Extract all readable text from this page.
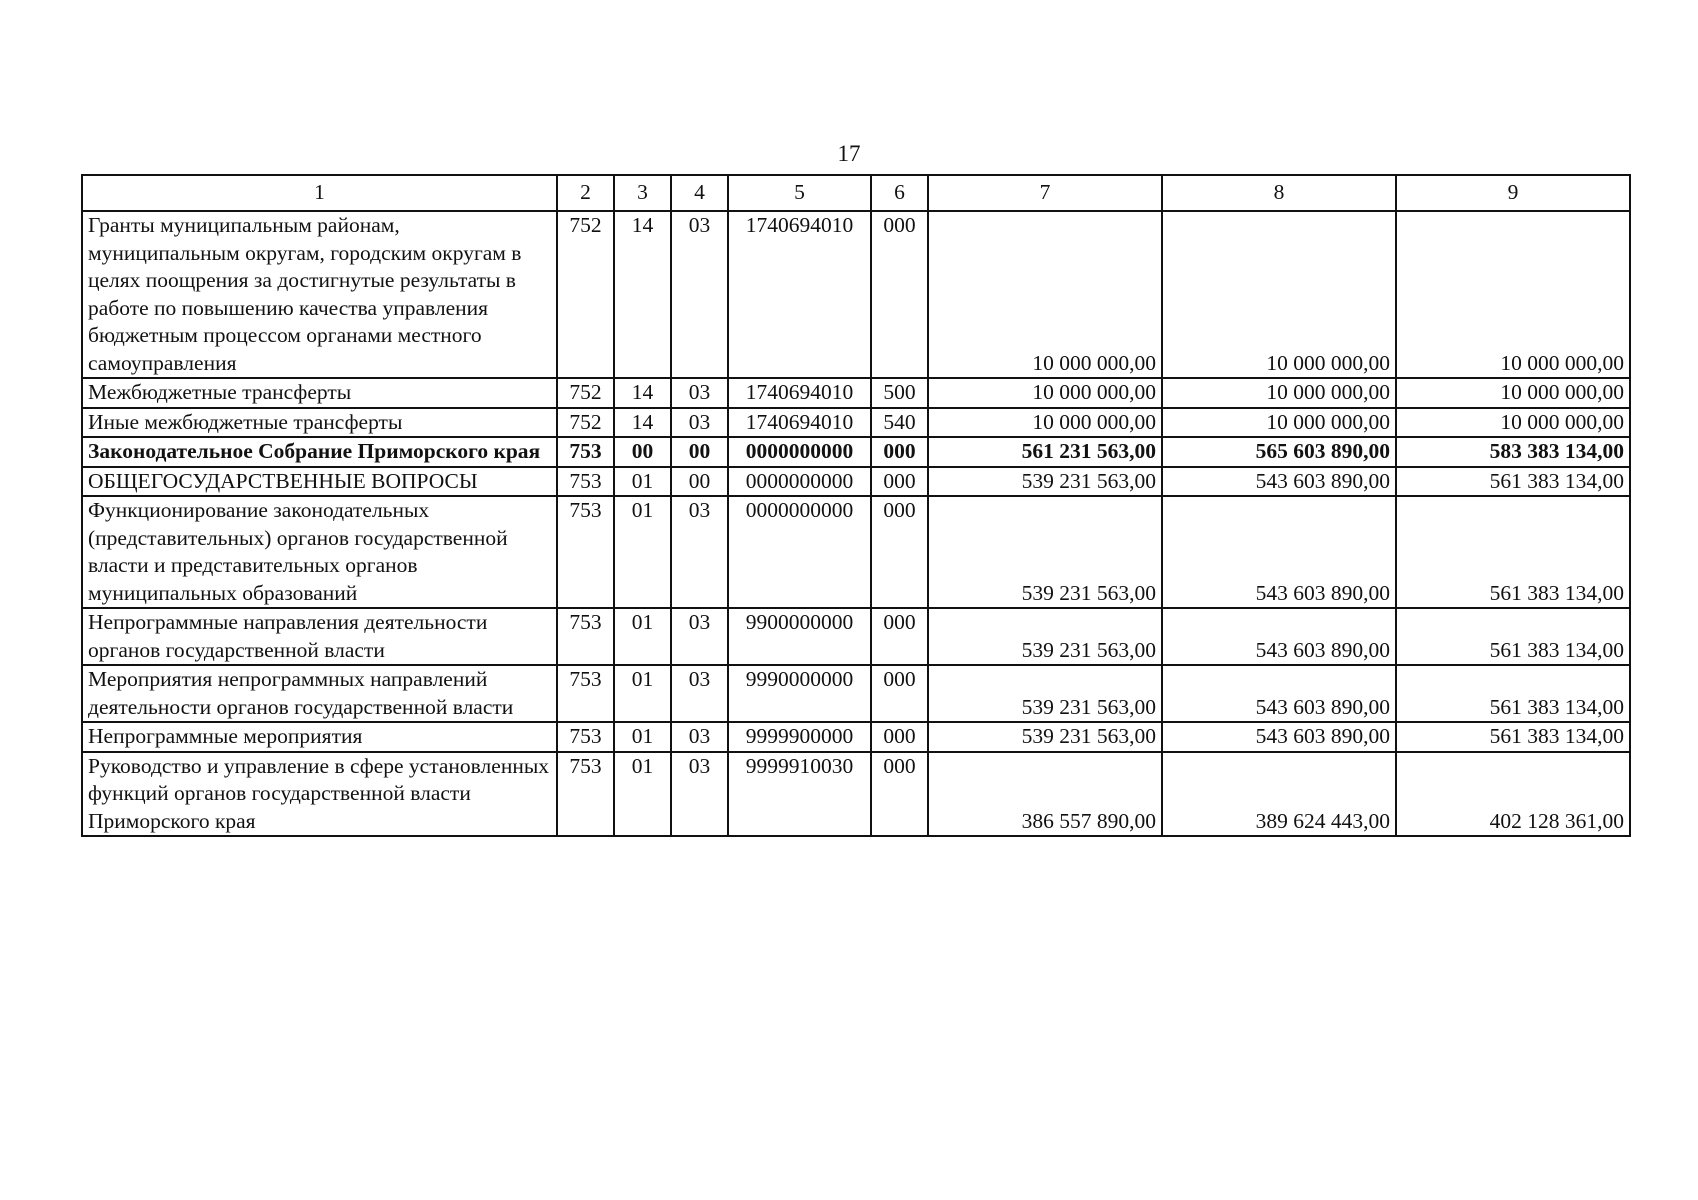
17
1	2	3	4	5	6	7	8	9
Гранты муниципальным районам, муниципальным округам, городским округам в целях поощрения за достигнутые результаты в работе по повышению качества управления бюджетным процессом органами местного самоуправления	752	14	03	1740694010	000	10 000 000,00	10 000 000,00	10 000 000,00
Межбюджетные трансферты	752	14	03	1740694010	500	10 000 000,00	10 000 000,00	10 000 000,00
Иные межбюджетные трансферты	752	14	03	1740694010	540	10 000 000,00	10 000 000,00	10 000 000,00
Законодательное Собрание Приморского края	753	00	00	0000000000	000	561 231 563,00	565 603 890,00	583 383 134,00
ОБЩЕГОСУДАРСТВЕННЫЕ ВОПРОСЫ	753	01	00	0000000000	000	539 231 563,00	543 603 890,00	561 383 134,00
Функционирование законодательных (представительных) органов государственной власти и представительных органов муниципальных образований	753	01	03	0000000000	000	539 231 563,00	543 603 890,00	561 383 134,00
Непрограммные направления деятельности органов государственной власти	753	01	03	9900000000	000	539 231 563,00	543 603 890,00	561 383 134,00
Мероприятия непрограммных направлений деятельности органов государственной власти	753	01	03	9990000000	000	539 231 563,00	543 603 890,00	561 383 134,00
Непрограммные мероприятия	753	01	03	9999900000	000	539 231 563,00	543 603 890,00	561 383 134,00
Руководство и управление в сфере установленных функций органов государственной власти Приморского края	753	01	03	9999910030	000	386 557 890,00	389 624 443,00	402 128 361,00
